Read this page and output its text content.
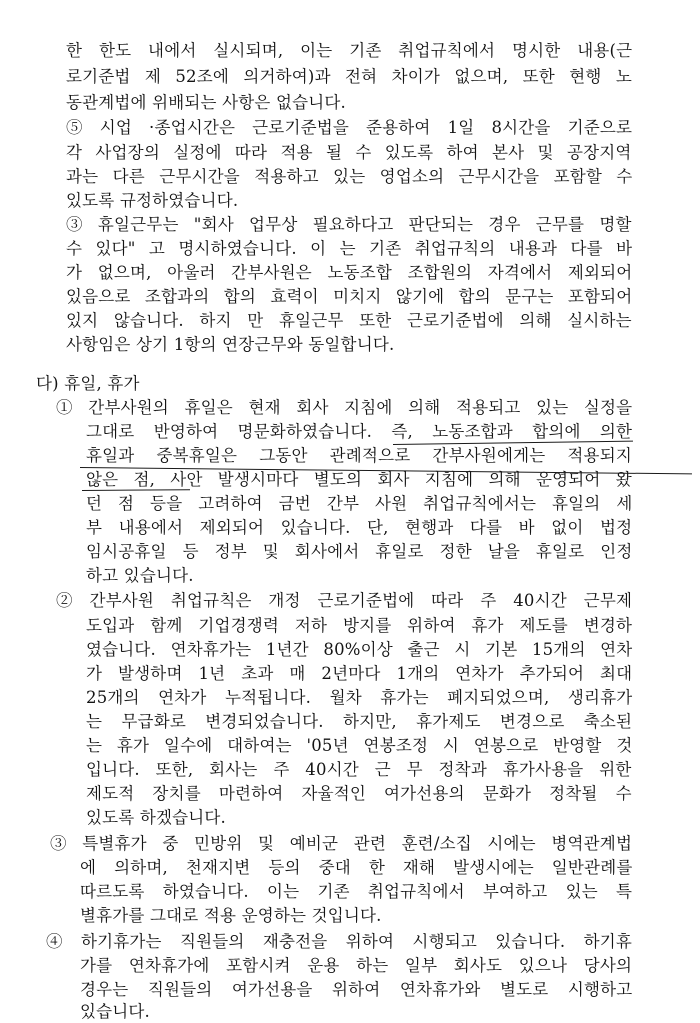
한 한도 내에서 실시되며, 이는 기존 취업규칙에서 명시한 내용(근
로기준법 제 52조에 의거하여)과 전혀 차이가 없으며, 또한 현행 노
동관계법에 위배되는 사항은 없습니다.
⑤ 시업 ·종업시간은 근로기준법을 준용하여 1일 8시간을 기준으로
각 사업장의 실정에 따라 적용 될 수 있도록 하여 본사 및 공장지역
과는 다른 근무시간을 적용하고 있는 영업소의 근무시간을 포함할 수
있도록 규정하였습니다.
③ 휴일근무는 "회사 업무상 필요하다고 판단되는 경우 근무를 명할
수 있다" 고 명시하였습니다. 이 는 기존 취업규칙의 내용과 다를 바
가 없으며, 아울러 간부사원은 노동조합 조합원의 자격에서 제외되어
있음으로 조합과의 합의 효력이 미치지 않기에 합의 문구는 포함되어
있지 않습니다. 하지 만 휴일근무 또한 근로기준법에 의해 실시하는
사항임은 상기 1항의 연장근무와 동일합니다.
다) 휴일, 휴가
① 간부사원의 휴일은 현재 회사 지침에 의해 적용되고 있는 실정을
그대로 반영하여 명문화하였습니다. 즉, 노동조합과 합의에 의한
휴일과 중복휴일은 그동안 관례적으로 간부사원에게는 적용되지
않은 점, 사안 발생시마다 별도의 회사 지침에 의해 운영되어 왔
던 점 등을 고려하여 금번 간부 사원 취업규칙에서는 휴일의 세
부 내용에서 제외되어 있습니다. 단, 현행과 다를 바 없이 법정
임시공휴일 등 정부 및 회사에서 휴일로 정한 날을 휴일로 인정
하고 있습니다.
② 간부사원 취업규칙은 개정 근로기준법에 따라 주 40시간 근무제
도입과 함께 기업경쟁력 저하 방지를 위하여 휴가 제도를 변경하
였습니다. 연차휴가는 1년간 80%이상 출근 시 기본 15개의 연차
가 발생하며 1년 초과 매 2년마다 1개의 연차가 추가되어 최대
25개의 연차가 누적됩니다. 월차 휴가는 폐지되었으며, 생리휴가
는 무급화로 변경되었습니다. 하지만, 휴가제도 변경으로 축소된
는 휴가 일수에 대하여는 '05년 연봉조정 시 연봉으로 반영할 것
입니다. 또한, 회사는 주 40시간 근 무 정착과 휴가사용을 위한
제도적 장치를 마련하여 자율적인 여가선용의 문화가 정착될 수
있도록 하겠습니다.
③ 특별휴가 중 민방위 및 예비군 관련 훈련/소집 시에는 병역관계법
에 의하며, 천재지변 등의 중대 한 재해 발생시에는 일반관례를
따르도록 하였습니다. 이는 기존 취업규칙에서 부여하고 있는 특
별휴가를 그대로 적용 운영하는 것입니다.
④ 하기휴가는 직원들의 재충전을 위하여 시행되고 있습니다. 하기휴
가를 연차휴가에 포함시켜 운용 하는 일부 회사도 있으나 당사의
경우는 직원들의 여가선용을 위하여 연차휴가와 별도로 시행하고
있습니다.
